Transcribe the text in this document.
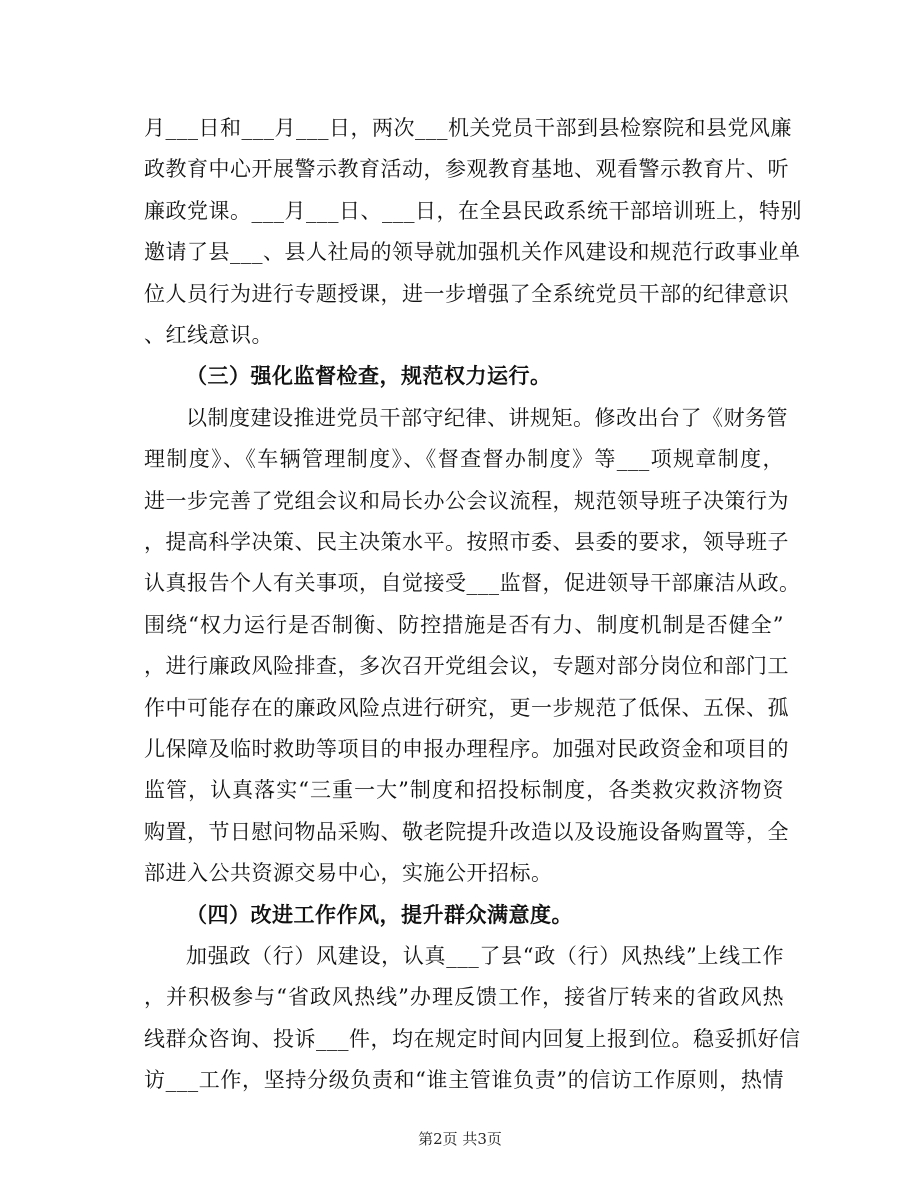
月___日和___月___日，两次___机关党员干部到县检察院和县党风廉
政教育中心开展警示教育活动，参观教育基地、观看警示教育片、听
廉政党课。___月___日、___日，在全县民政系统干部培训班上，特别
邀请了县___、县人社局的领导就加强机关作风建设和规范行政事业单
位人员行为进行专题授课，进一步增强了全系统党员干部的纪律意识
、红线意识。
（三）强化监督检查，规范权力运行。
以制度建设推进党员干部守纪律、讲规矩。修改出台了《财务管
理制度》、《车辆管理制度》、《督查督办制度》等___项规章制度，
进一步完善了党组会议和局长办公会议流程，规范领导班子决策行为
，提高科学决策、民主决策水平。按照市委、县委的要求，领导班子
认真报告个人有关事项，自觉接受___监督，促进领导干部廉洁从政。
围绕“权力运行是否制衡、防控措施是否有力、制度机制是否健全”
，进行廉政风险排查，多次召开党组会议，专题对部分岗位和部门工
作中可能存在的廉政风险点进行研究，更一步规范了低保、五保、孤
儿保障及临时救助等项目的申报办理程序。加强对民政资金和项目的
监管，认真落实“三重一大”制度和招投标制度，各类救灾救济物资
购置，节日慰问物品采购、敬老院提升改造以及设施设备购置等，全
部进入公共资源交易中心，实施公开招标。
（四）改进工作作风，提升群众满意度。
加强政（行）风建设，认真___了县“政（行）风热线”上线工作
，并积极参与“省政风热线”办理反馈工作，接省厅转来的省政风热
线群众咨询、投诉___件，均在规定时间内回复上报到位。稳妥抓好信
访___工作，坚持分级负责和“谁主管谁负责”的信访工作原则，热情
第2页 共3页
